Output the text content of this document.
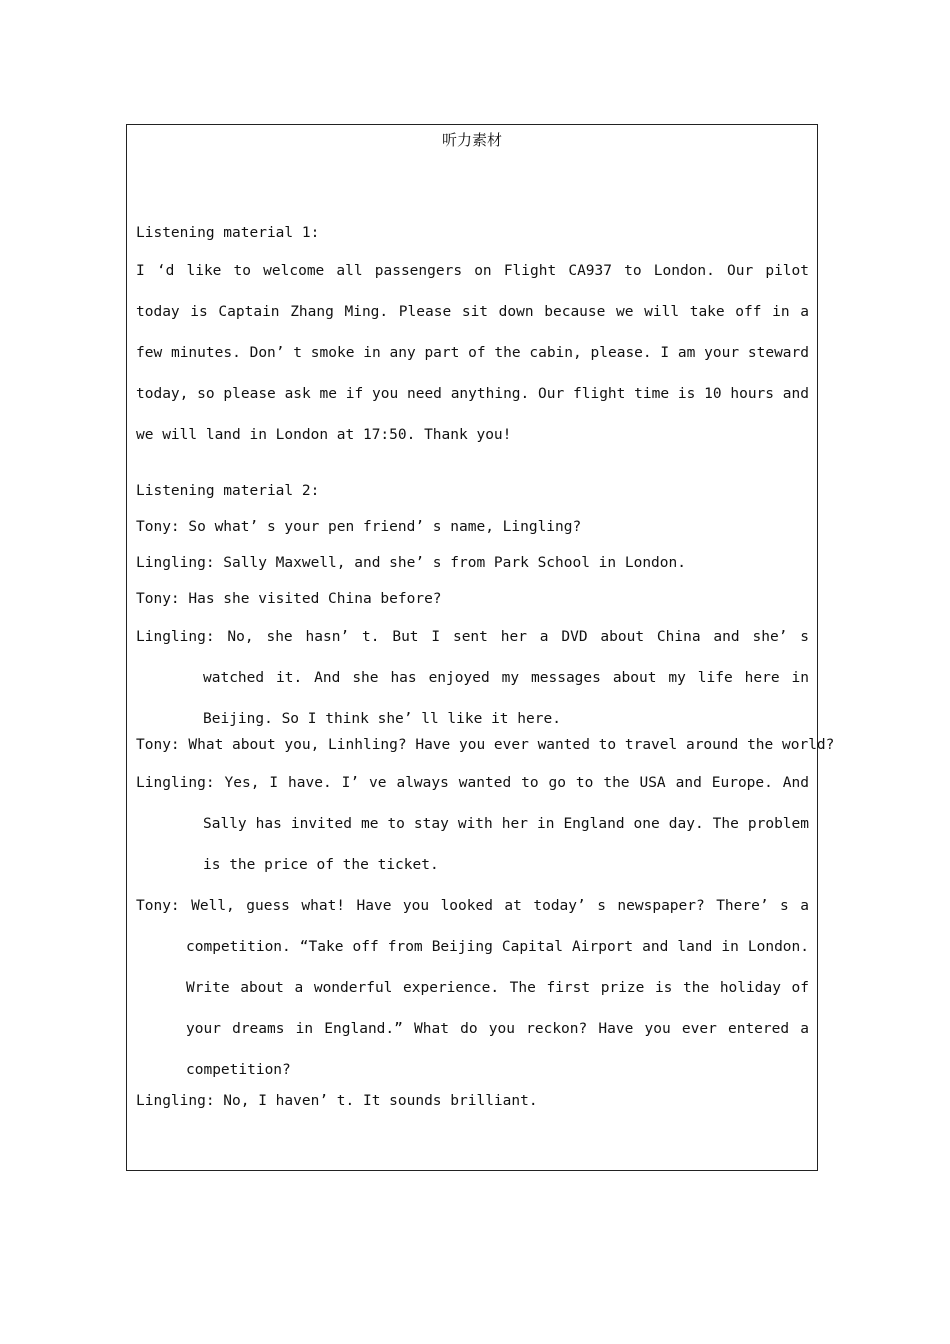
听力素材
Listening material 1:

I ‘d like to welcome all passengers on Flight CA937 to London. Our pilot today is Captain Zhang Ming. Please sit down because we will take off in a few minutes. Don’ t smoke in any part of the cabin, please. I am your steward today, so please ask me if you need anything. Our flight time is 10 hours and we will land in London at 17:50. Thank you!

Listening material 2:
Tony: So what’ s your pen friend’ s name, Lingling?
Lingling: Sally Maxwell, and she’ s from Park School in London.
Tony: Has she visited China before?

Lingling: No, she hasn’ t. But I sent her a DVD about China and she’ s watched it. And she has enjoyed my messages about my life here in Beijing. So I think she’ ll like it here.

Tony: What about you, Linhling? Have you ever wanted to travel around the world?

Lingling: Yes, I have. I’ ve always wanted to go to the USA and Europe. And Sally has invited me to stay with her in England one day. The problem is the price of the ticket.

Tony: Well, guess what! Have you looked at today’ s newspaper? There’ s a competition. “Take off from Beijing Capital Airport and land in London. Write about a wonderful experience. The first prize is the holiday of your dreams in England.” What do you reckon? Have you ever entered a competition?

Lingling: No, I haven’ t. It sounds brilliant.
